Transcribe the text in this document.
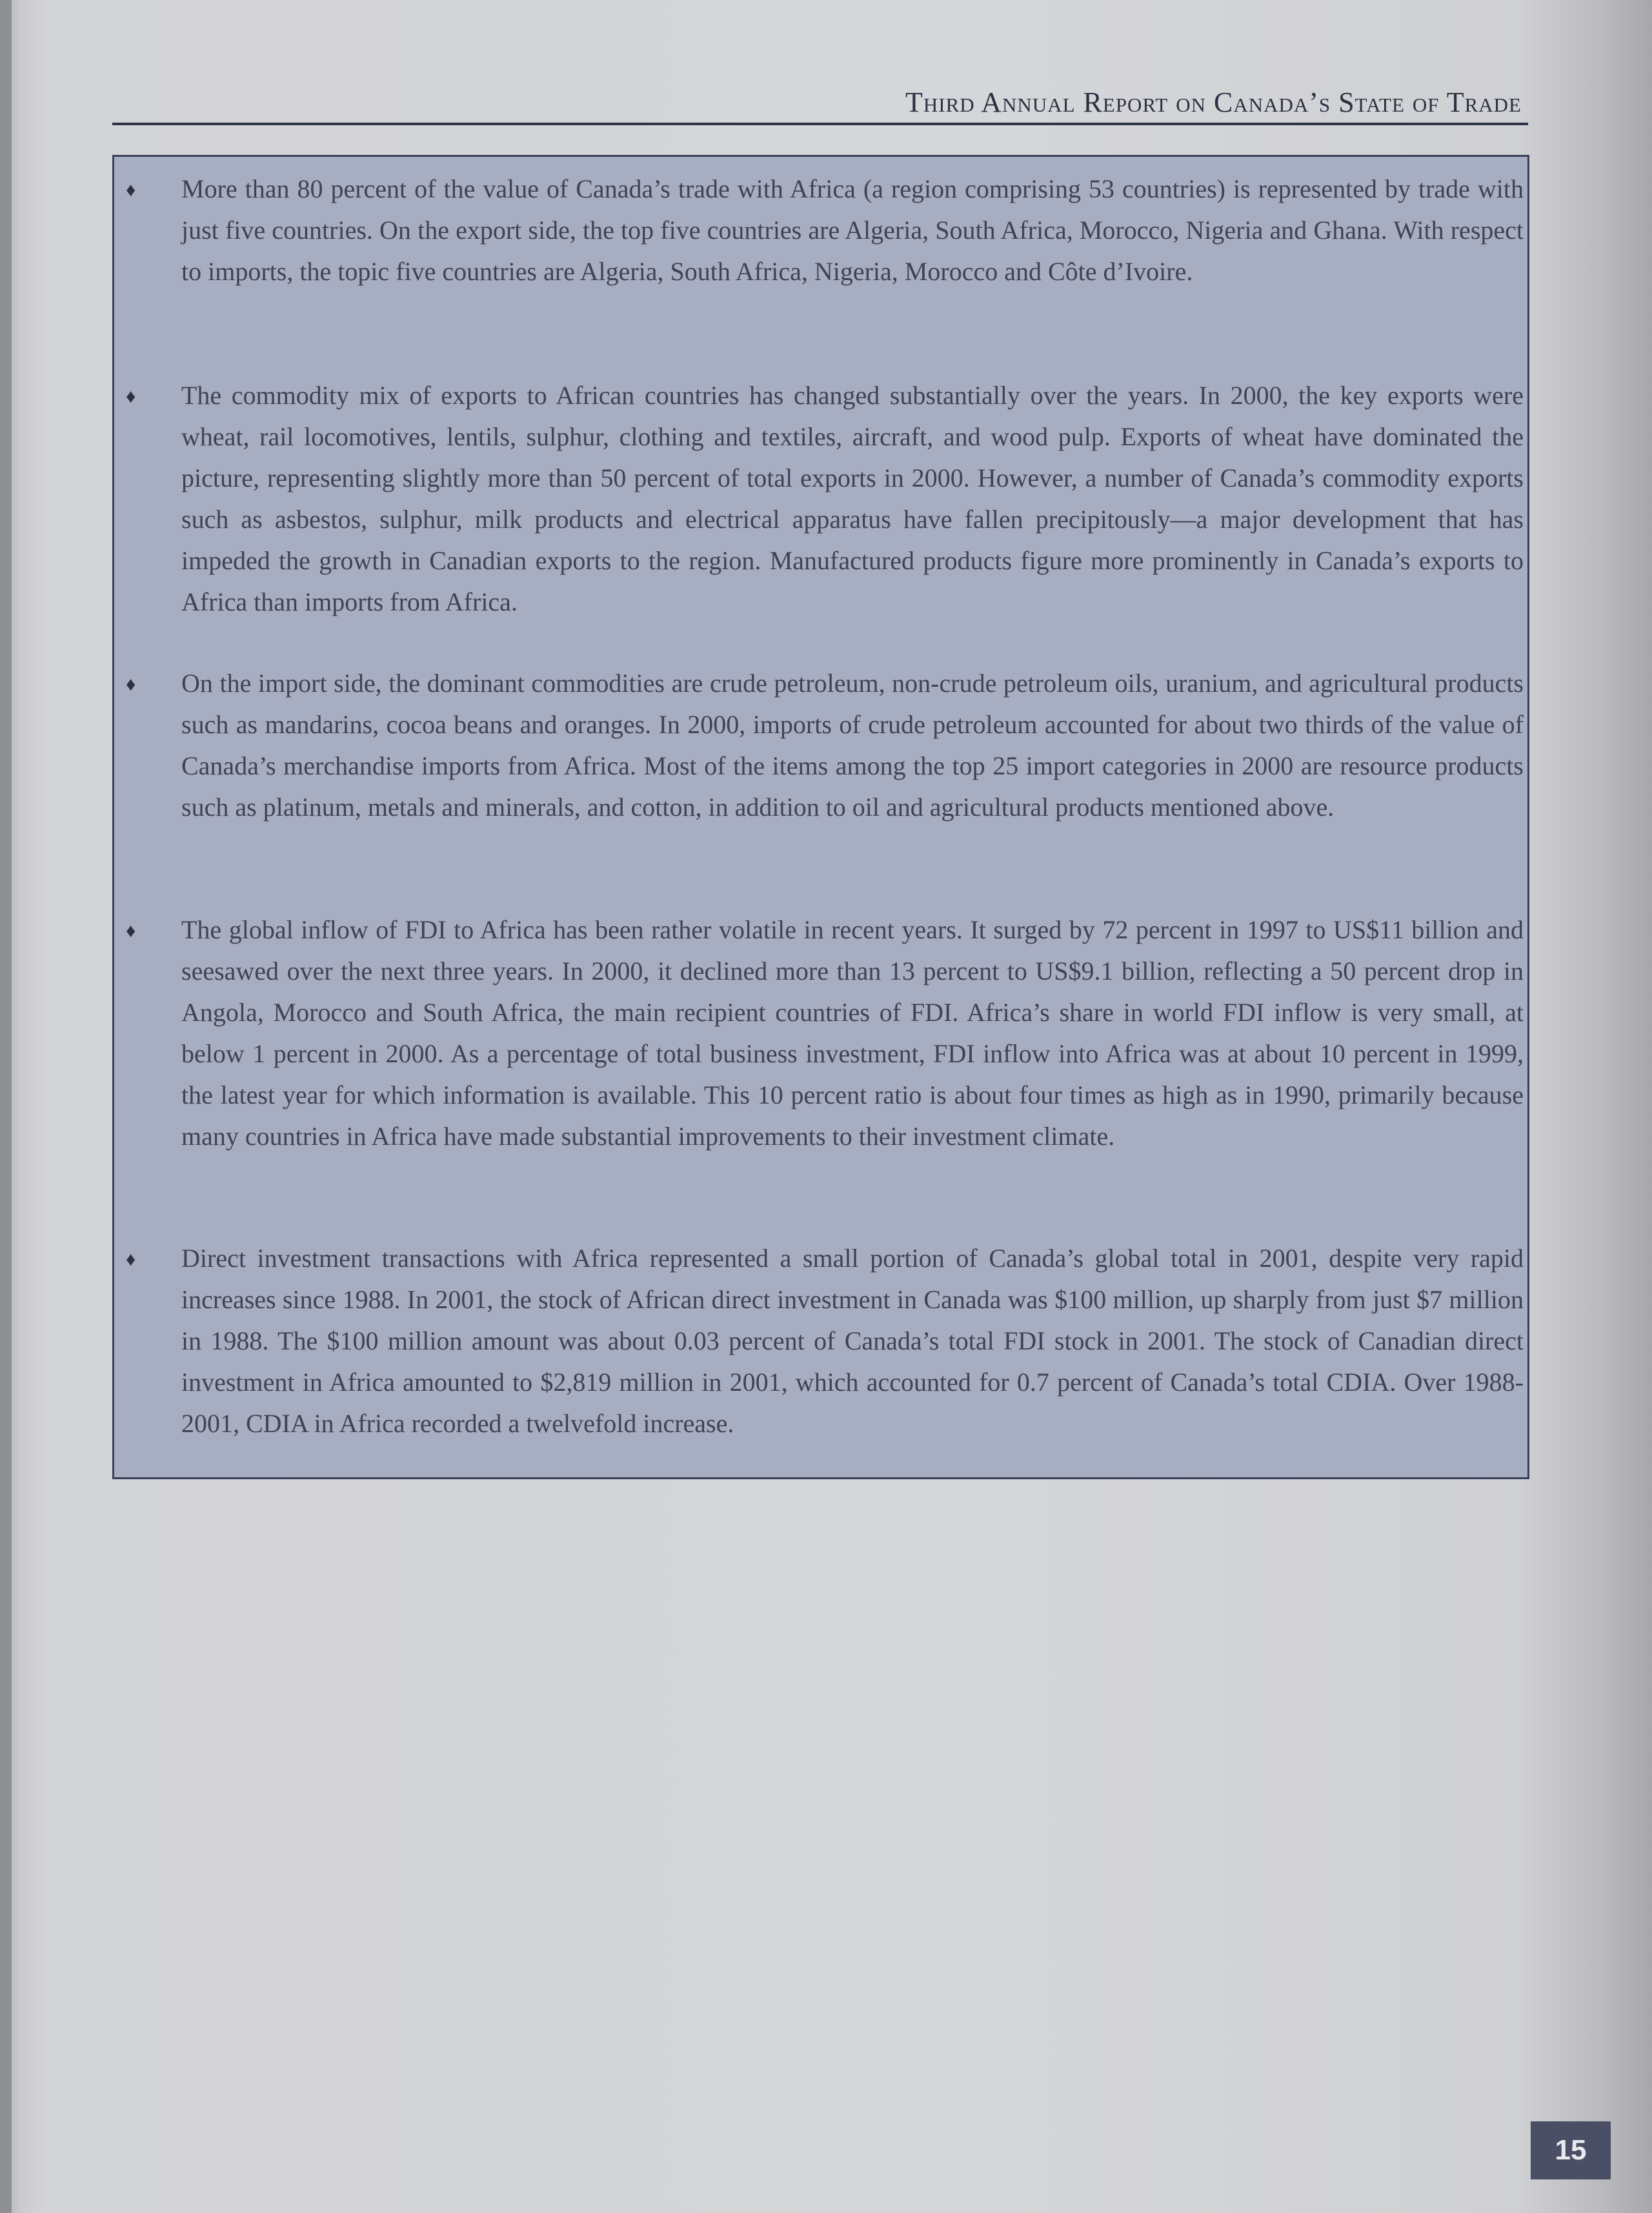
Third Annual Report on Canada’s State of Trade
♦ More than 80 percent of the value of Canada’s trade with Africa (a region comprising 53 countries) is represented by trade with just five countries. On the export side, the top five countries are Algeria, South Africa, Morocco, Nigeria and Ghana. With respect to imports, the topic five countries are Algeria, South Africa, Nigeria, Morocco and Côte d’Ivoire.
♦ The commodity mix of exports to African countries has changed substantially over the years. In 2000, the key exports were wheat, rail locomotives, lentils, sulphur, clothing and textiles, aircraft, and wood pulp. Exports of wheat have dominated the picture, representing slightly more than 50 percent of total exports in 2000. However, a number of Canada’s commodity exports such as asbestos, sulphur, milk products and electrical apparatus have fallen precipitously—a major development that has impeded the growth in Canadian exports to the region. Manufactured products figure more prominently in Canada’s exports to Africa than imports from Africa.
♦ On the import side, the dominant commodities are crude petroleum, non-crude petroleum oils, uranium, and agricultural products such as mandarins, cocoa beans and oranges. In 2000, imports of crude petroleum accounted for about two thirds of the value of Canada’s merchandise imports from Africa. Most of the items among the top 25 import categories in 2000 are resource products such as platinum, metals and minerals, and cotton, in addition to oil and agricultural products mentioned above.
♦ The global inflow of FDI to Africa has been rather volatile in recent years. It surged by 72 percent in 1997 to US$11 billion and seesawed over the next three years. In 2000, it declined more than 13 percent to US$9.1 billion, reflecting a 50 percent drop in Angola, Morocco and South Africa, the main recipient countries of FDI. Africa’s share in world FDI inflow is very small, at below 1 percent in 2000. As a percentage of total business investment, FDI inflow into Africa was at about 10 percent in 1999, the latest year for which information is available. This 10 percent ratio is about four times as high as in 1990, primarily because many countries in Africa have made substantial improvements to their investment climate.
♦ Direct investment transactions with Africa represented a small portion of Canada’s global total in 2001, despite very rapid increases since 1988. In 2001, the stock of African direct investment in Canada was $100 million, up sharply from just $7 million in 1988. The $100 million amount was about 0.03 percent of Canada’s total FDI stock in 2001. The stock of Canadian direct investment in Africa amounted to $2,819 million in 2001, which accounted for 0.7 percent of Canada’s total CDIA. Over 1988-2001, CDIA in Africa recorded a twelvefold increase.
15
